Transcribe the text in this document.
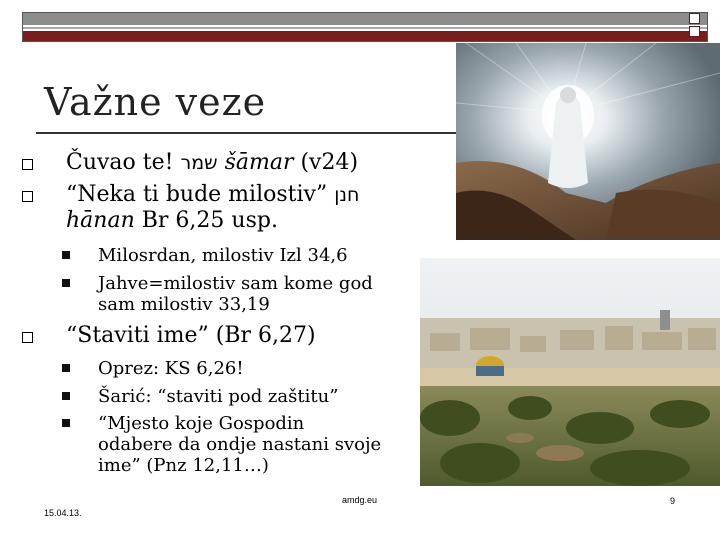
Važne veze
Čuvao te! שמר šāmar (v24)
“Neka ti bude milostiv” חנן
hānan Br 6,25 usp.
Milosrdan, milostiv Izl 34,6
Jahve=milostiv sam kome god
sam milostiv 33,19
“Staviti ime” (Br 6,27)
Oprez: KS 6,26!
Šarić: “staviti pod zaštitu”
“Mjesto koje Gospodin
odabere da ondje nastani svoje
ime” (Pnz 12,11…)
amdg.eu	9
15.04.13.
